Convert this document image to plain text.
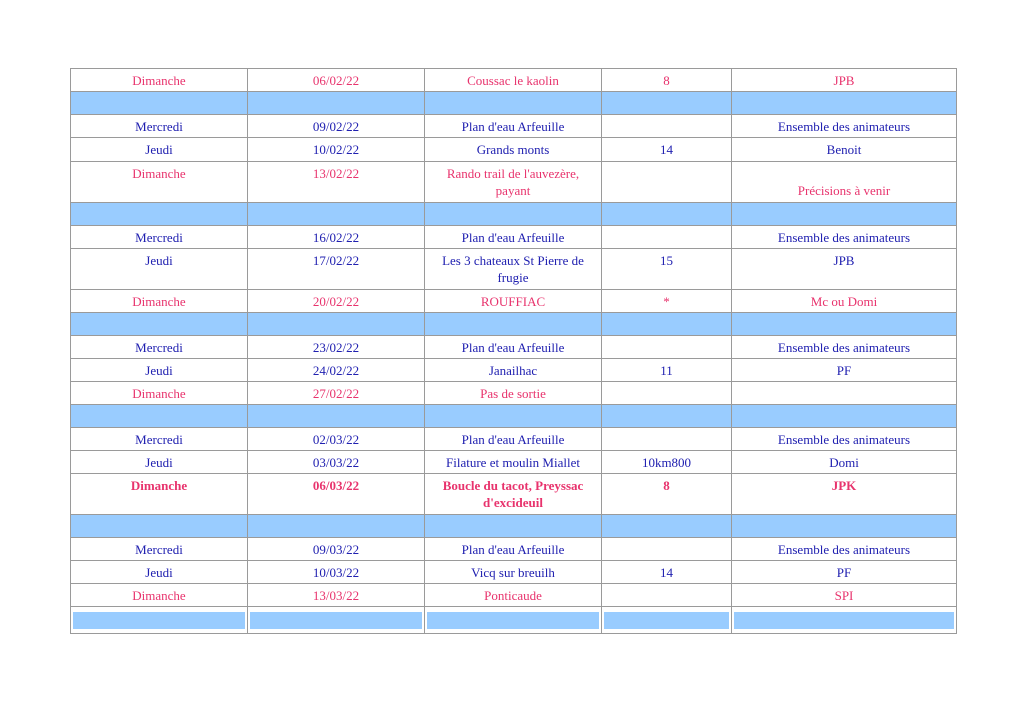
Dimanche	06/02/22	Coussac le kaolin	8	JPB

Mercredi	09/02/22	Plan d'eau Arfeuille		Ensemble des animateurs
Jeudi	10/02/22	Grands monts	14	Benoit
Dimanche	13/02/22	Rando trail de l'auvezère, payant		Précisions à venir

Mercredi	16/02/22	Plan d'eau Arfeuille		Ensemble des animateurs
Jeudi	17/02/22	Les 3 chateaux St Pierre de frugie	15	JPB
Dimanche	20/02/22	ROUFFIAC	*	Mc ou Domi

Mercredi	23/02/22	Plan d'eau Arfeuille		Ensemble des animateurs
Jeudi	24/02/22	Janailhac	11	PF
Dimanche	27/02/22	Pas de sortie		

Mercredi	02/03/22	Plan d'eau Arfeuille		Ensemble des animateurs
Jeudi	03/03/22	Filature et moulin Miallet	10km800	Domi
Dimanche	06/03/22	Boucle du tacot, Preyssac d'excideuil	8	JPK

Mercredi	09/03/22	Plan d'eau Arfeuille		Ensemble des animateurs
Jeudi	10/03/22	Vicq sur breuilh	14	PF
Dimanche	13/03/22	Ponticaude		SPI
